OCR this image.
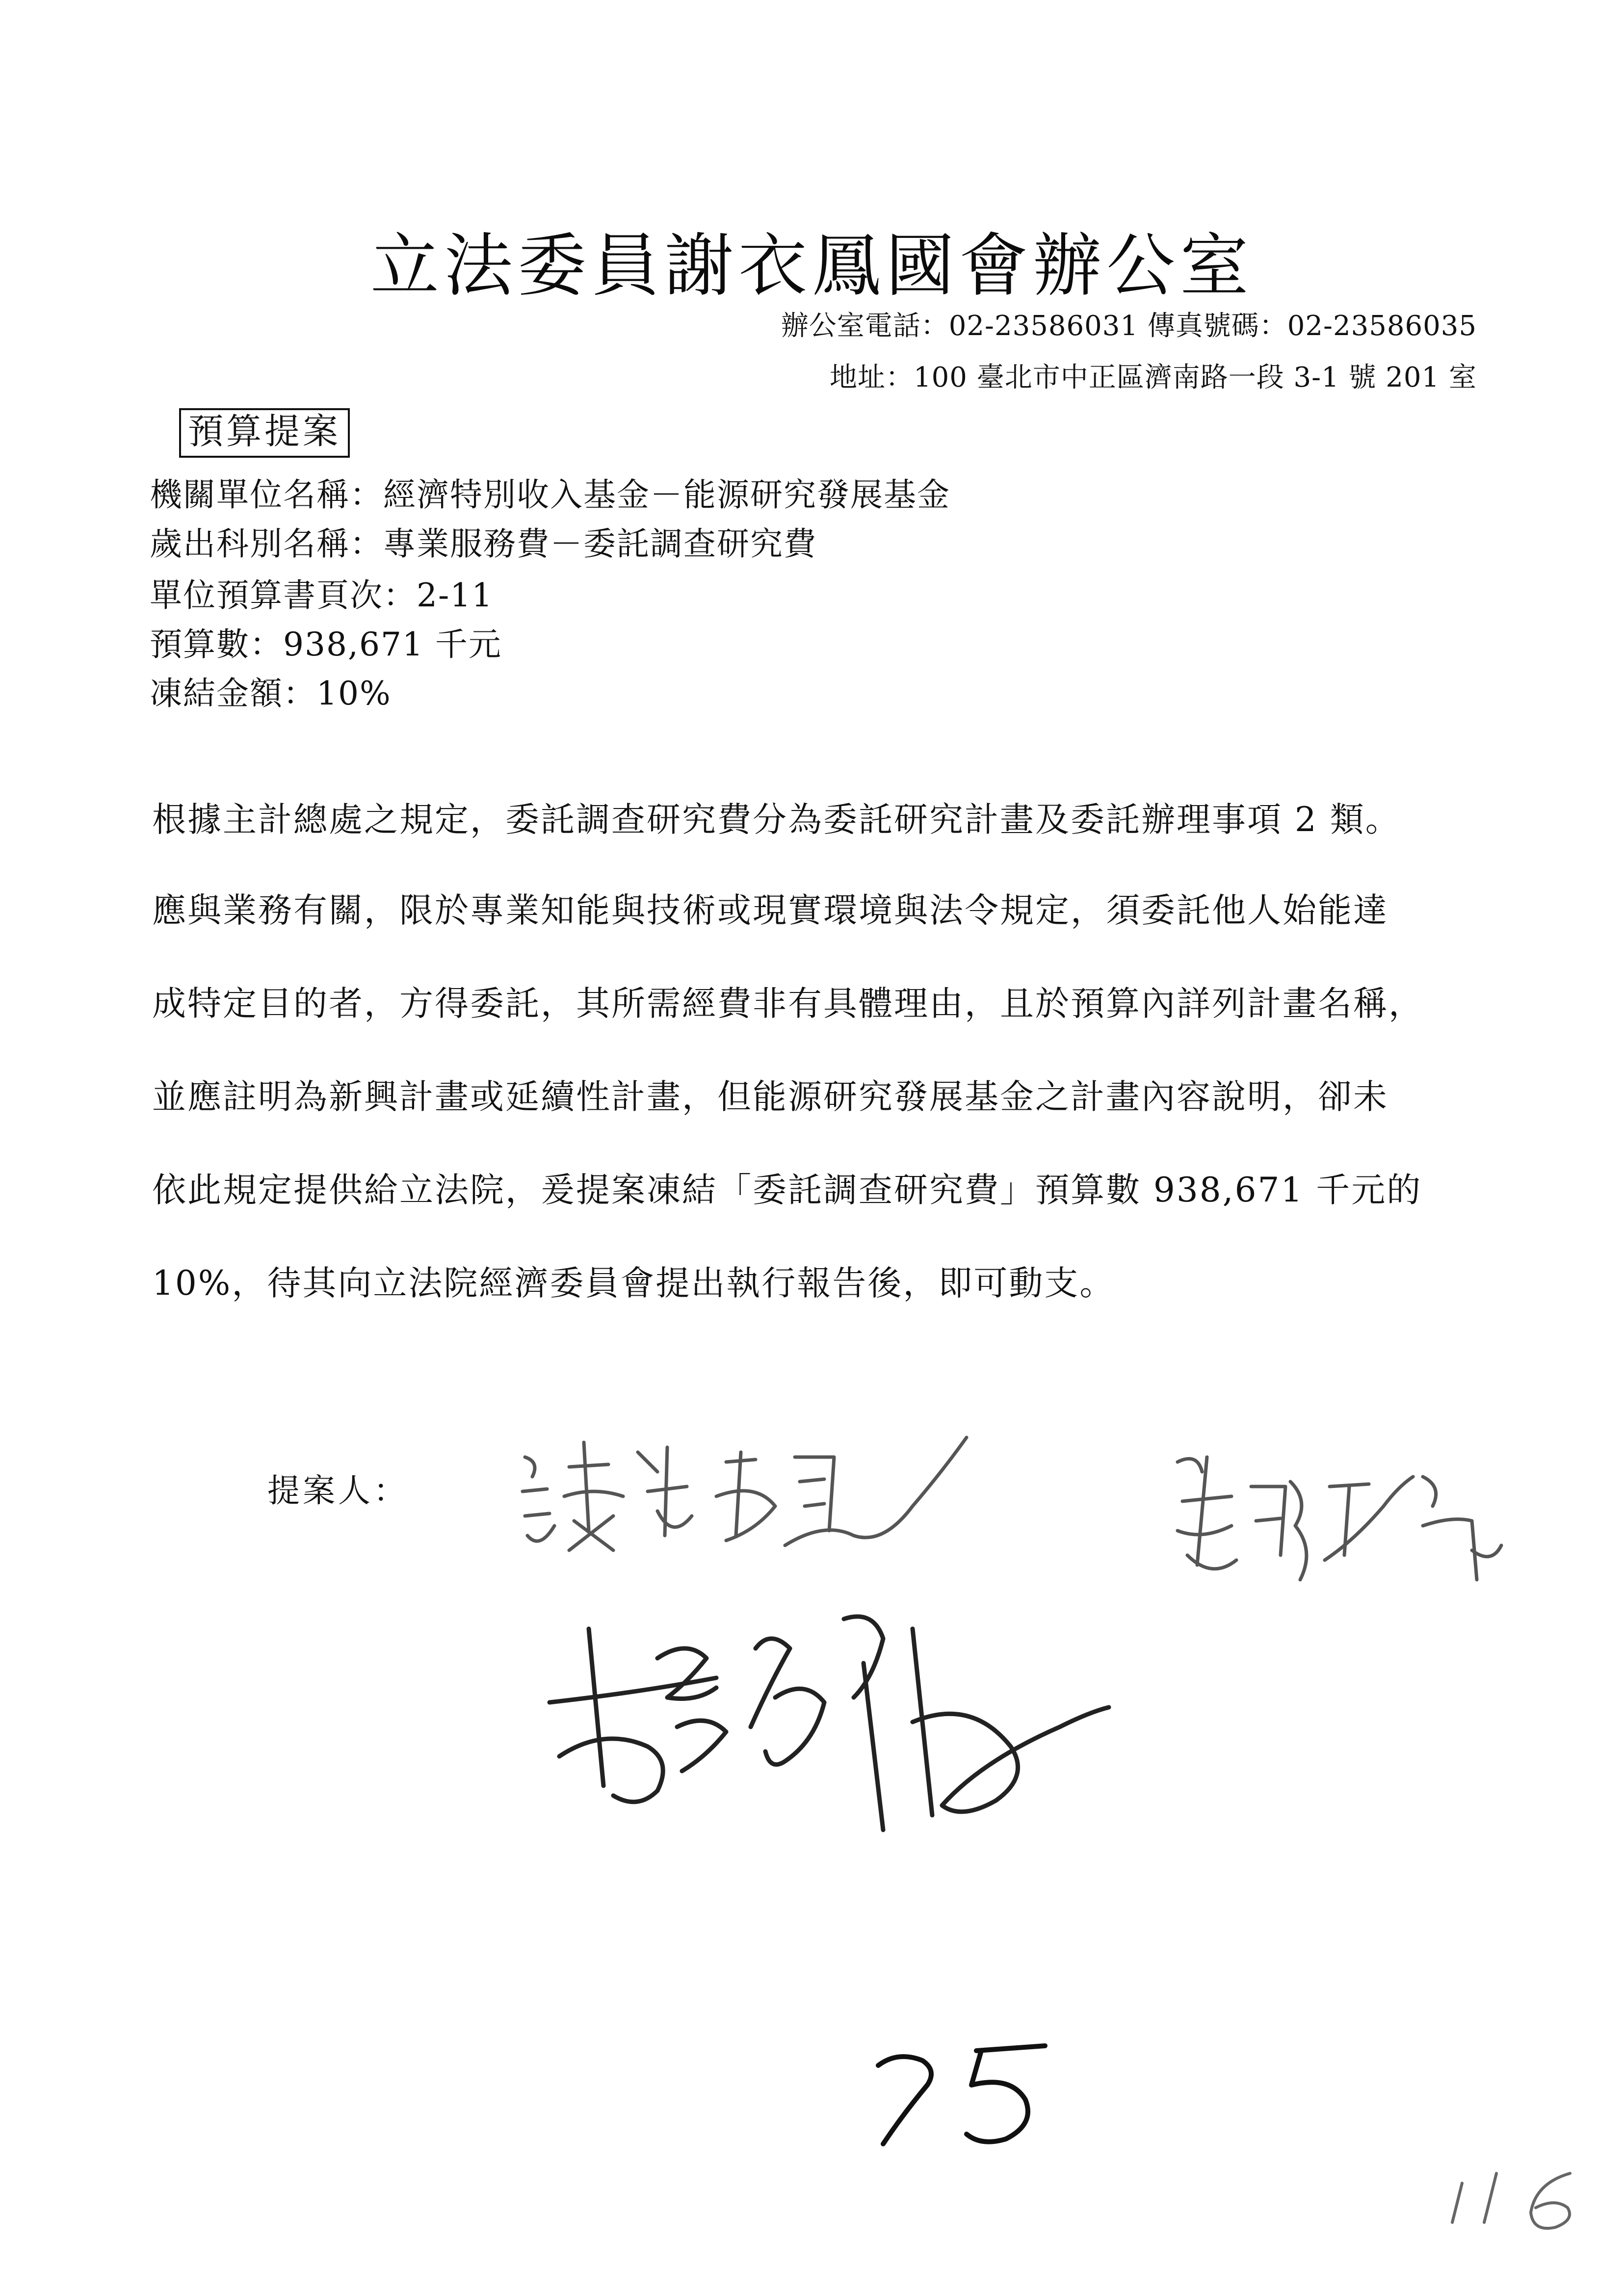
立法委員謝衣鳳國會辦公室
辦公室電話：02-23586031 傳真號碼：02-23586035
地址：100 臺北市中正區濟南路一段 3-1 號 201 室
預算提案
機關單位名稱：經濟特別收入基金－能源研究發展基金
歲出科別名稱：專業服務費－委託調查研究費
單位預算書頁次：2-11
預算數：938,671 千元
凍結金額：10%
根據主計總處之規定，委託調查研究費分為委託研究計畫及委託辦理事項 2 類。
應與業務有關，限於專業知能與技術或現實環境與法令規定，須委託他人始能達
成特定目的者，方得委託，其所需經費非有具體理由，且於預算內詳列計畫名稱，
並應註明為新興計畫或延續性計畫，但能源研究發展基金之計畫內容說明，卻未
依此規定提供給立法院，爰提案凍結「委託調查研究費」預算數 938,671 千元的
10%，待其向立法院經濟委員會提出執行報告後，即可動支。
提案人：
